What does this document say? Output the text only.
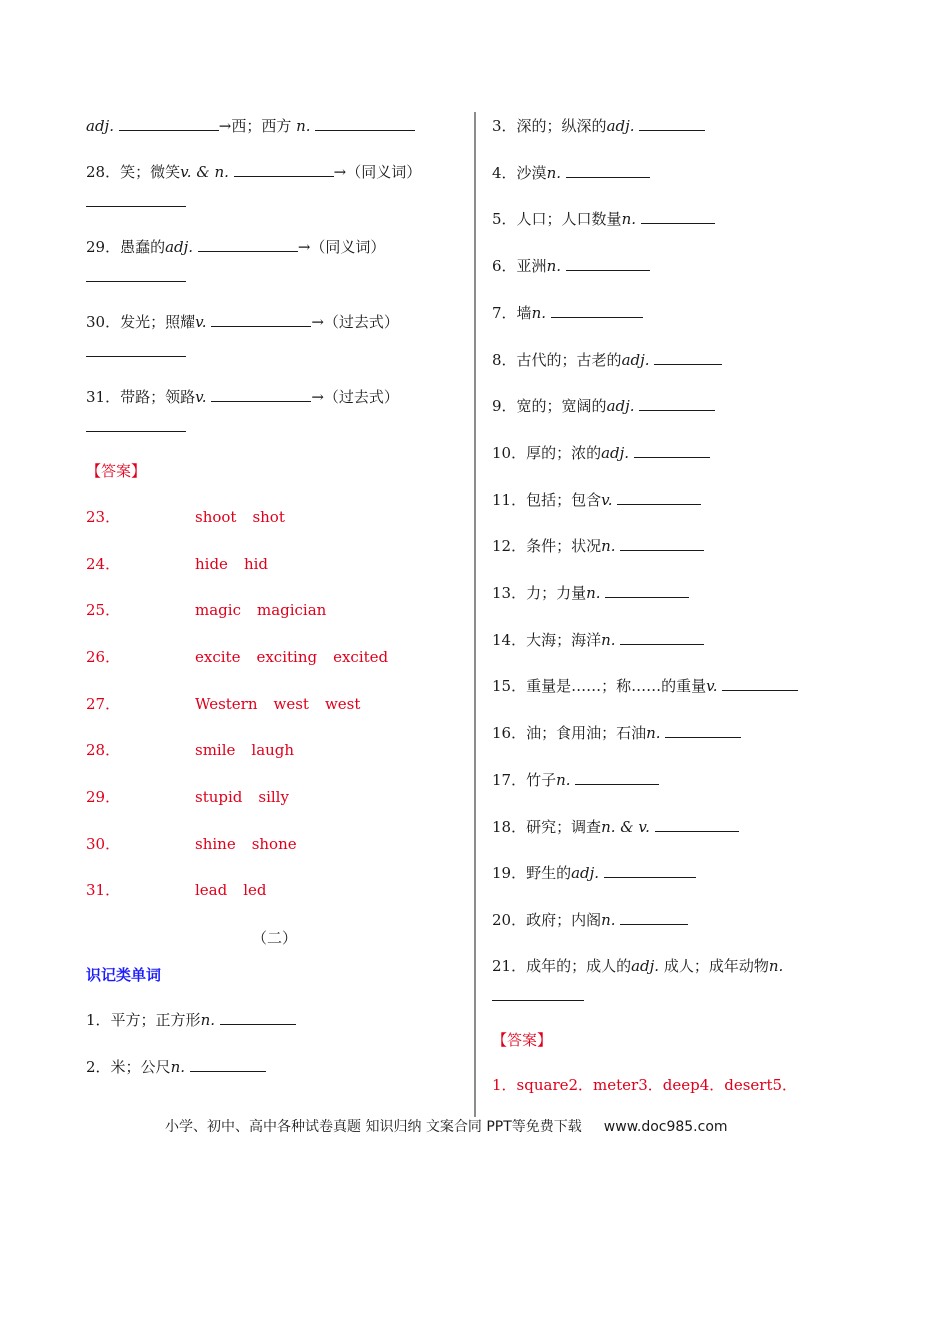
adj.	→西；西方 n.
28．笑；微笑v. & n.	→（同义词）
29．愚蠢的adj.	→（同义词）
30．发光；照耀v.	→（过去式）
31．带路；领路v.	→（过去式）
【答案】
23．	shoot shot
24．	hide hid
25．	magic magician
26．	excite exciting excited
27．	Western west west
28．	smile laugh
29．	stupid silly
30．	shine shone
31．	lead led
（二）
识记类单词
1．平方；正方形n.
2．米；公尺n.
3．深的；纵深的adj.
4．沙漠n.
5．人口；人口数量n.
6．亚洲n.
7．墙n.
8．古代的；古老的adj.
9．宽的；宽阔的adj.
10．厚的；浓的adj.
11．包括；包含v.
12．条件；状况n.
13．力；力量n.
14．大海；海洋n.
15．重量是……；称……的重量v.
16．油；食用油；石油n.
17．竹子n.
18．研究；调查n. & v.
19．野生的adj.
20．政府；内阁n.
21．成年的；成人的adj. 成人；成年动物n.
【答案】
1．square2．meter3．deep4．desert5．
小学、初中、高中各种试卷真题 知识归纳 文案合同 PPT等免费下载 www.doc985.com
